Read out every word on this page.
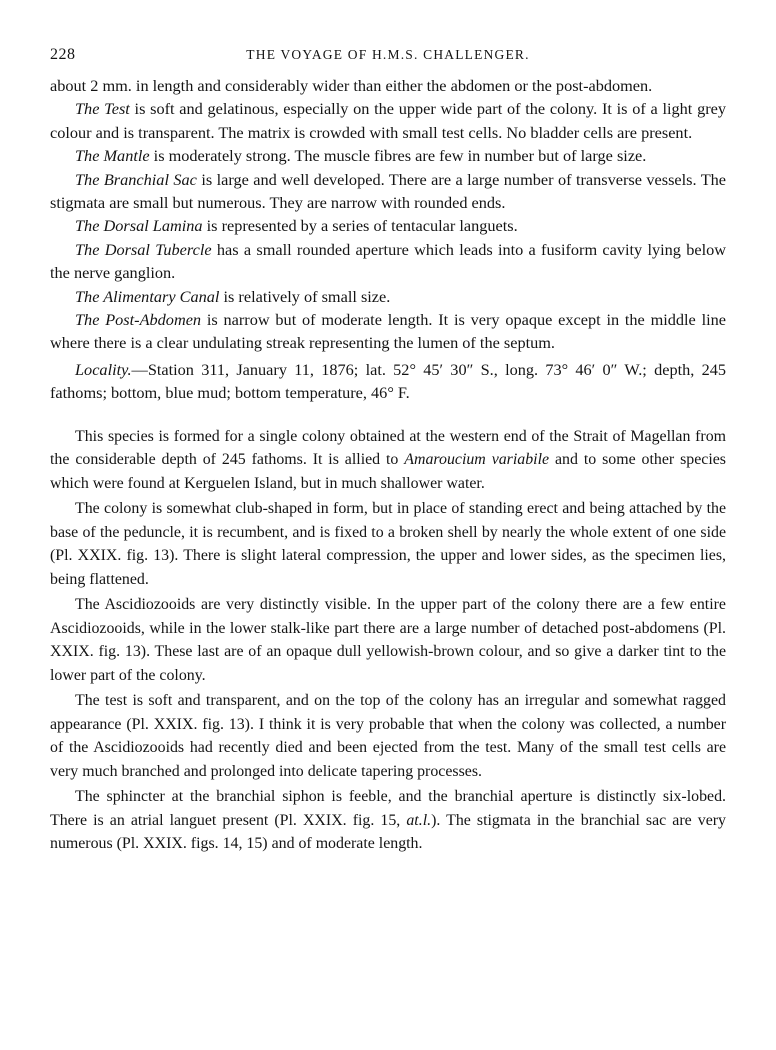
228	THE VOYAGE OF H.M.S. CHALLENGER.

about 2 mm. in length and considerably wider than either the abdomen or the post-abdomen.

The Test is soft and gelatinous, especially on the upper wide part of the colony. It is of a light grey colour and is transparent. The matrix is crowded with small test cells. No bladder cells are present.

The Mantle is moderately strong. The muscle fibres are few in number but of large size.

The Branchial Sac is large and well developed. There are a large number of transverse vessels. The stigmata are small but numerous. They are narrow with rounded ends.

The Dorsal Lamina is represented by a series of tentacular languets.

The Dorsal Tubercle has a small rounded aperture which leads into a fusiform cavity lying below the nerve ganglion.

The Alimentary Canal is relatively of small size.

The Post-Abdomen is narrow but of moderate length. It is very opaque except in the middle line where there is a clear undulating streak representing the lumen of the septum.

Locality.—Station 311, January 11, 1876; lat. 52° 45′ 30″ S., long. 73° 46′ 0″ W.; depth, 245 fathoms; bottom, blue mud; bottom temperature, 46° F.

This species is formed for a single colony obtained at the western end of the Strait of Magellan from the considerable depth of 245 fathoms. It is allied to Amaroucium variabile and to some other species which were found at Kerguelen Island, but in much shallower water.

The colony is somewhat club-shaped in form, but in place of standing erect and being attached by the base of the peduncle, it is recumbent, and is fixed to a broken shell by nearly the whole extent of one side (Pl. XXIX. fig. 13). There is slight lateral compression, the upper and lower sides, as the specimen lies, being flattened.

The Ascidiozooids are very distinctly visible. In the upper part of the colony there are a few entire Ascidiozooids, while in the lower stalk-like part there are a large number of detached post-abdomens (Pl. XXIX. fig. 13). These last are of an opaque dull yellowish-brown colour, and so give a darker tint to the lower part of the colony.

The test is soft and transparent, and on the top of the colony has an irregular and somewhat ragged appearance (Pl. XXIX. fig. 13). I think it is very probable that when the colony was collected, a number of the Ascidiozooids had recently died and been ejected from the test. Many of the small test cells are very much branched and prolonged into delicate tapering processes.

The sphincter at the branchial siphon is feeble, and the branchial aperture is distinctly six-lobed. There is an atrial languet present (Pl. XXIX. fig. 15, at.l.). The stigmata in the branchial sac are very numerous (Pl. XXIX. figs. 14, 15) and of moderate length.
